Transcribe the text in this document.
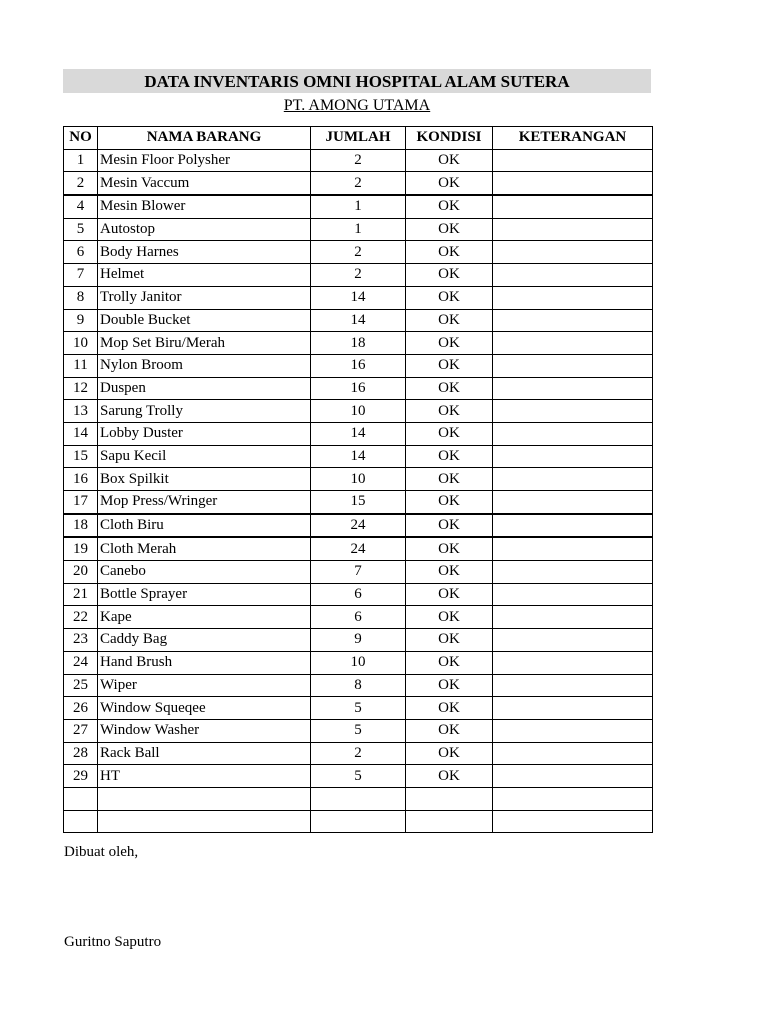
DATA INVENTARIS OMNI HOSPITAL ALAM SUTERA
PT. AMONG UTAMA
NO	NAMA BARANG	JUMLAH	KONDISI	KETERANGAN
1	Mesin Floor Polysher	2	OK	
2	Mesin Vaccum	2	OK	
4	Mesin Blower	1	OK	
5	Autostop	1	OK	
6	Body Harnes	2	OK	
7	Helmet	2	OK	
8	Trolly Janitor	14	OK	
9	Double Bucket	14	OK	
10	Mop Set Biru/Merah	18	OK	
11	Nylon Broom	16	OK	
12	Duspen	16	OK	
13	Sarung Trolly	10	OK	
14	Lobby Duster	14	OK	
15	Sapu Kecil	14	OK	
16	Box Spilkit	10	OK	
17	Mop Press/Wringer	15	OK	
18	Cloth Biru	24	OK	
19	Cloth Merah	24	OK	
20	Canebo	7	OK	
21	Bottle Sprayer	6	OK	
22	Kape	6	OK	
23	Caddy Bag	9	OK	
24	Hand Brush	10	OK	
25	Wiper	8	OK	
26	Window Squeqee	5	OK	
27	Window Washer	5	OK	
28	Rack Ball	2	OK	
29	HT	5	OK	

Dibuat oleh,
Guritno Saputro
